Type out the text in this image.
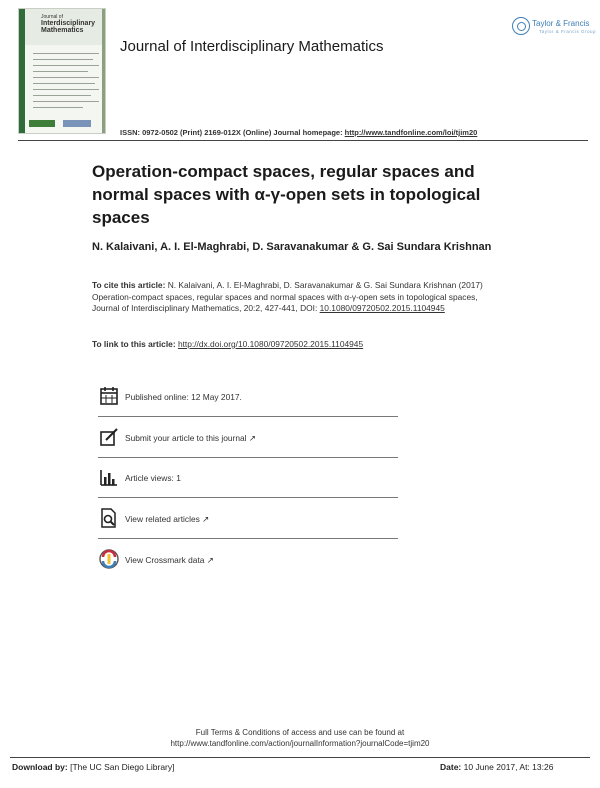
Journal of
Interdisciplinary Mathematics
Journal of Interdisciplinary Mathematics
Taylor & Francis
Taylor & Francis Group
ISSN: 0972-0502 (Print) 2169-012X (Online) Journal homepage: http://www.tandfonline.com/loi/tjim20
Operation-compact spaces, regular spaces and normal spaces with α-γ-open sets in topological spaces
N. Kalaivani, A. I. El-Maghrabi, D. Saravanakumar & G. Sai Sundara Krishnan
To cite this article: N. Kalaivani, A. I. El-Maghrabi, D. Saravanakumar & G. Sai Sundara Krishnan (2017) Operation-compact spaces, regular spaces and normal spaces with α-γ-open sets in topological spaces, Journal of Interdisciplinary Mathematics, 20:2, 427-441, DOI: 10.1080/09720502.2015.1104945
To link to this article: http://dx.doi.org/10.1080/09720502.2015.1104945
Published online: 12 May 2017.
Submit your article to this journal ↗
Article views: 1
View related articles ↗
View Crossmark data ↗
Full Terms & Conditions of access and use can be found at
http://www.tandfonline.com/action/journalInformation?journalCode=tjim20
Download by: [The UC San Diego Library]	Date: 10 June 2017, At: 13:26
